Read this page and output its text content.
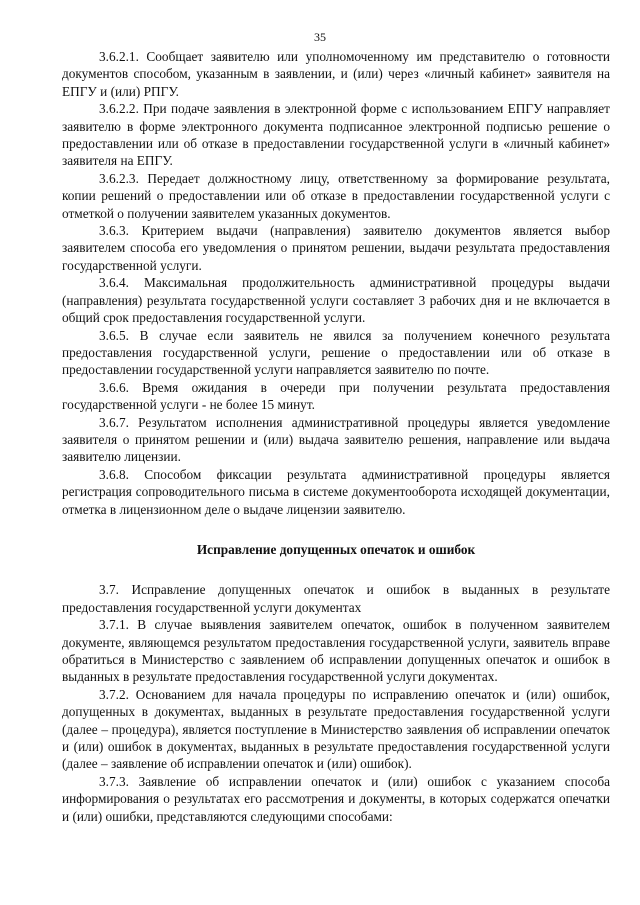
35

3.6.2.1. Сообщает заявителю или уполномоченному им представителю о готовности документов способом, указанным в заявлении, и (или) через «личный кабинет» заявителя на ЕПГУ и (или) РПГУ.

3.6.2.2. При подаче заявления в электронной форме с использованием ЕПГУ направляет заявителю в форме электронного документа подписанное электронной подписью решение о предоставлении или об отказе в предоставлении государственной услуги в «личный кабинет» заявителя на ЕПГУ.

3.6.2.3. Передает должностному лицу, ответственному за формирование результата, копии решений о предоставлении или об отказе в предоставлении государственной услуги с отметкой о получении заявителем указанных документов.

3.6.3. Критерием выдачи (направления) заявителю документов является выбор заявителем способа его уведомления о принятом решении, выдачи результата предоставления государственной услуги.

3.6.4. Максимальная продолжительность административной процедуры выдачи (направления) результата государственной услуги составляет 3 рабочих дня и не включается в общий срок предоставления государственной услуги.

3.6.5. В случае если заявитель не явился за получением конечного результата предоставления государственной услуги, решение о предоставлении или об отказе в предоставлении государственной услуги направляется заявителю по почте.

3.6.6. Время ожидания в очереди при получении результата предоставления государственной услуги - не более 15 минут.

3.6.7. Результатом исполнения административной процедуры является уведомление заявителя о принятом решении и (или) выдача заявителю решения, направление или выдача заявителю лицензии.

3.6.8. Способом фиксации результата административной процедуры является регистрация сопроводительного письма в системе документооборота исходящей документации, отметка в лицензионном деле о выдаче лицензии заявителю.

Исправление допущенных опечаток и ошибок

3.7. Исправление допущенных опечаток и ошибок в выданных в результате предоставления государственной услуги документах

3.7.1. В случае выявления заявителем опечаток, ошибок в полученном заявителем документе, являющемся результатом предоставления государственной услуги, заявитель вправе обратиться в Министерство с заявлением об исправлении допущенных опечаток и ошибок в выданных в результате предоставления государственной услуги документах.

3.7.2. Основанием для начала процедуры по исправлению опечаток и (или) ошибок, допущенных в документах, выданных в результате предоставления государственной услуги (далее – процедура), является поступление в Министерство заявления об исправлении опечаток и (или) ошибок в документах, выданных в результате предоставления государственной услуги (далее – заявление об исправлении опечаток и (или) ошибок).

3.7.3. Заявление об исправлении опечаток и (или) ошибок с указанием способа информирования о результатах его рассмотрения и документы, в которых содержатся опечатки и (или) ошибки, представляются следующими способами:
